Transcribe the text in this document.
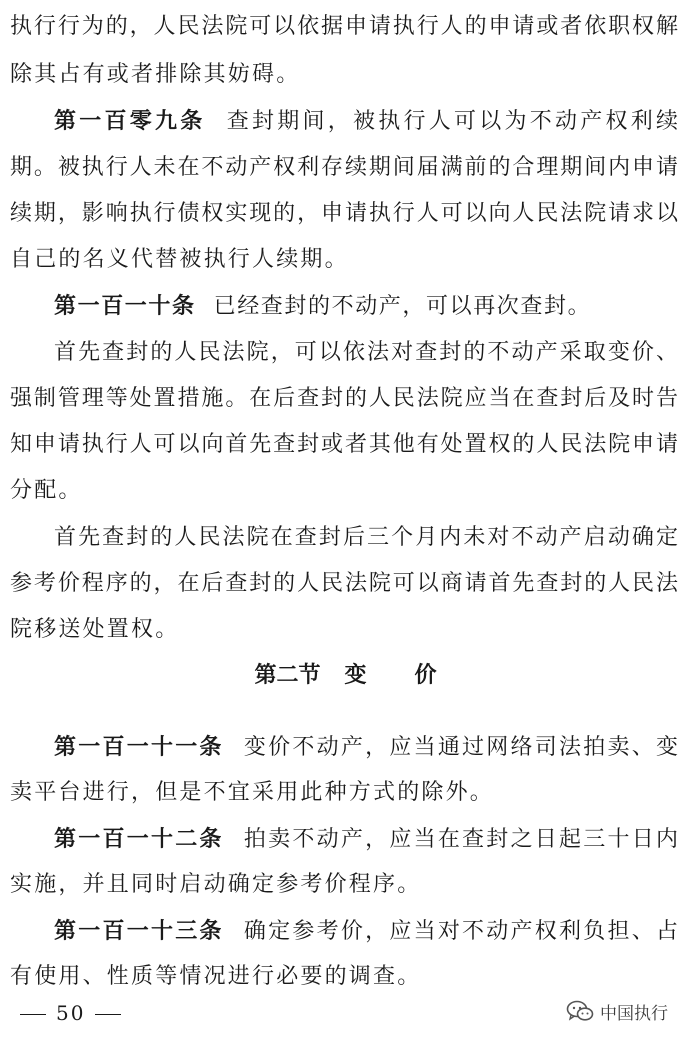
执行行为的，人民法院可以依据申请执行人的申请或者依职权解
除其占有或者排除其妨碍。
第一百零九条 查封期间，被执行人可以为不动产权利续
期。被执行人未在不动产权利存续期间届满前的合理期间内申请
续期，影响执行债权实现的，申请执行人可以向人民法院请求以
自己的名义代替被执行人续期。
第一百一十条 已经查封的不动产，可以再次查封。
首先查封的人民法院，可以依法对查封的不动产采取变价、
强制管理等处置措施。在后查封的人民法院应当在查封后及时告
知申请执行人可以向首先查封或者其他有处置权的人民法院申请
分配。
首先查封的人民法院在查封后三个月内未对不动产启动确定
参考价程序的，在后查封的人民法院可以商请首先查封的人民法
院移送处置权。
第二节 变 价
第一百一十一条 变价不动产，应当通过网络司法拍卖、变
卖平台进行，但是不宜采用此种方式的除外。
第一百一十二条 拍卖不动产，应当在查封之日起三十日内
实施，并且同时启动确定参考价程序。
第一百一十三条 确定参考价，应当对不动产权利负担、占
有使用、性质等情况进行必要的调查。
50	中国执行
